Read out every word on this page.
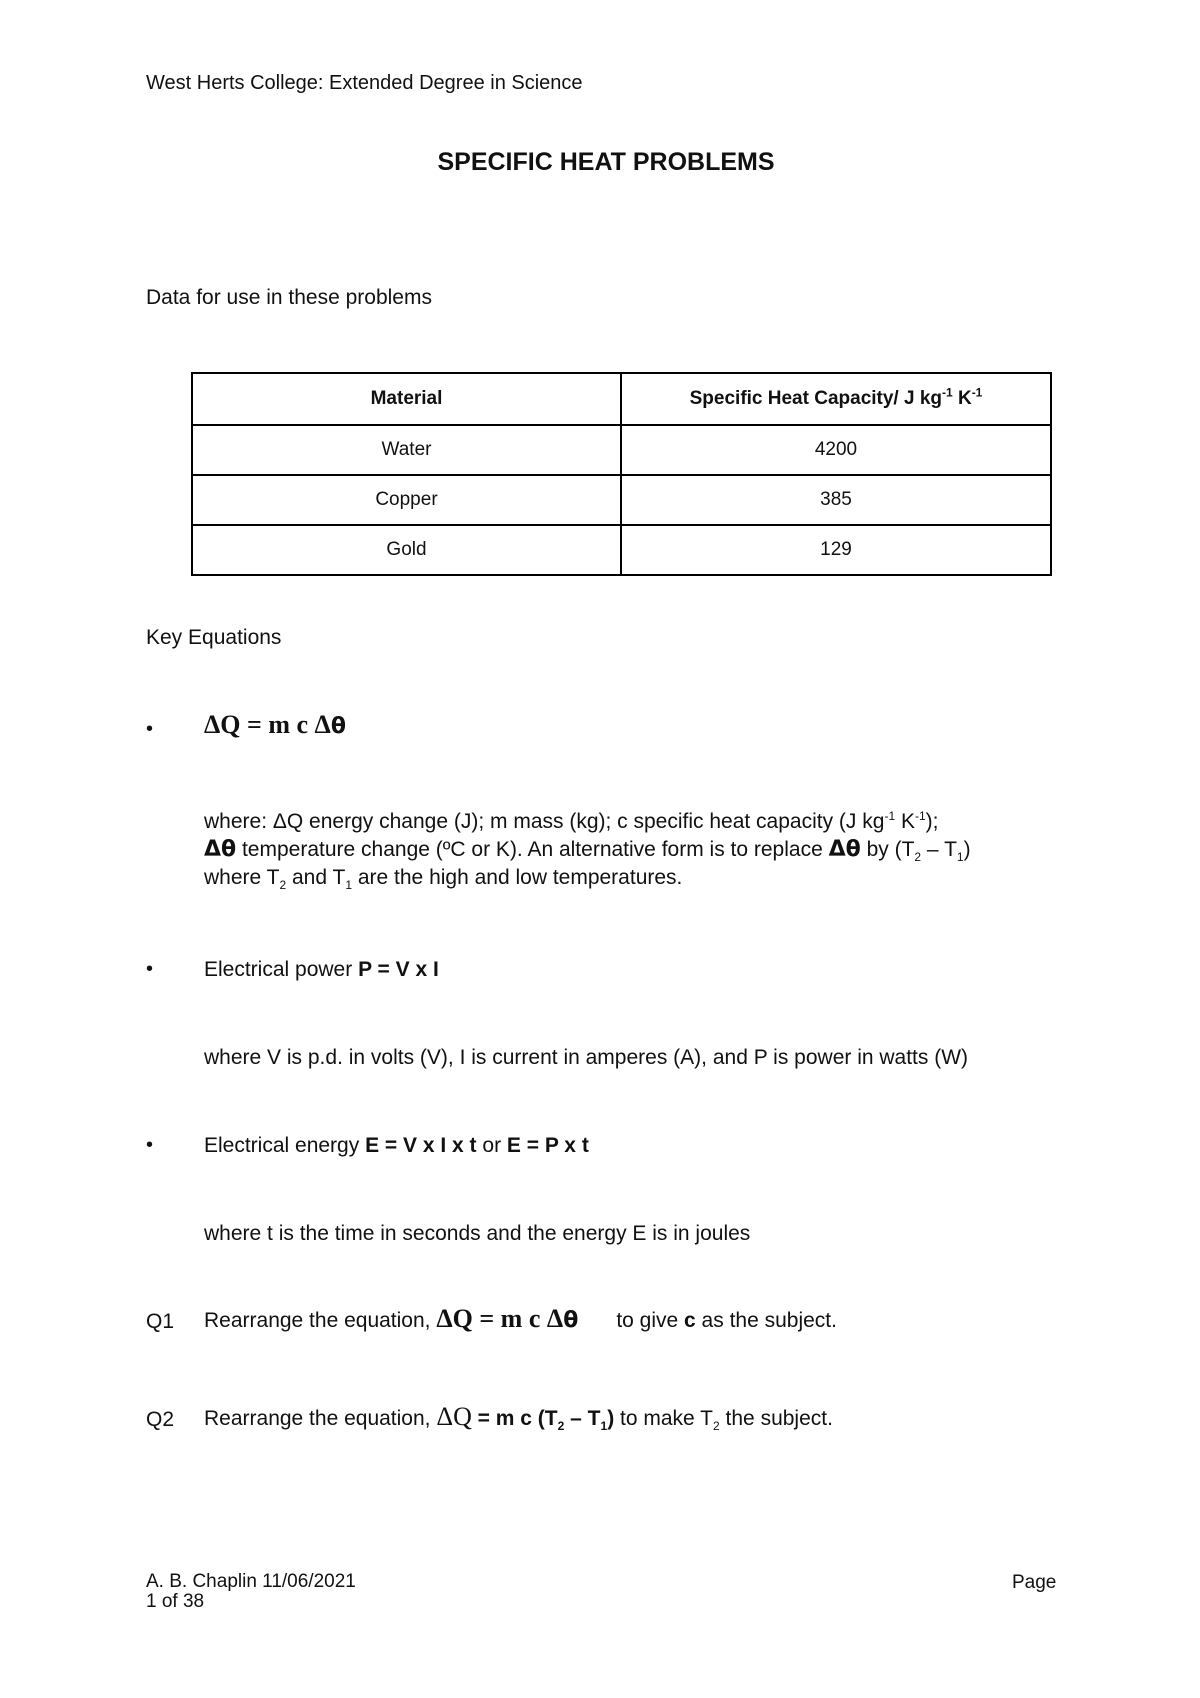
West Herts College: Extended Degree in Science
SPECIFIC HEAT PROBLEMS
Data for use in these problems
Material	Specific Heat Capacity/ J $kg^{-1}$ $K^{-1}$
Water	4200
Copper	385
Gold	129
Key Equations
• ΔQ = m c Δθ
where: ΔQ energy change (J); m mass (kg); c specific heat capacity (J $kg^{-1}$ $K^{-1}$);
Δθ temperature change (ºC or K). An alternative form is to replace Δθ by $(T_2 - T_1)$
where $T_2$ and $T_1$ are the high and low temperatures.
• Electrical power P = V x I
where V is p.d. in volts (V), I is current in amperes (A), and P is power in watts (W)
• Electrical energy E = V x I x t or E = P x t
where t is the time in seconds and the energy E is in joules
Q1 Rearrange the equation, ΔQ = m c Δθ to give c as the subject.
Q2 Rearrange the equation, ΔQ = m c $(T_2 - T_1)$ to make $T_2$ the subject.
A. B. Chaplin 11/06/2021
1 of 38
Page
